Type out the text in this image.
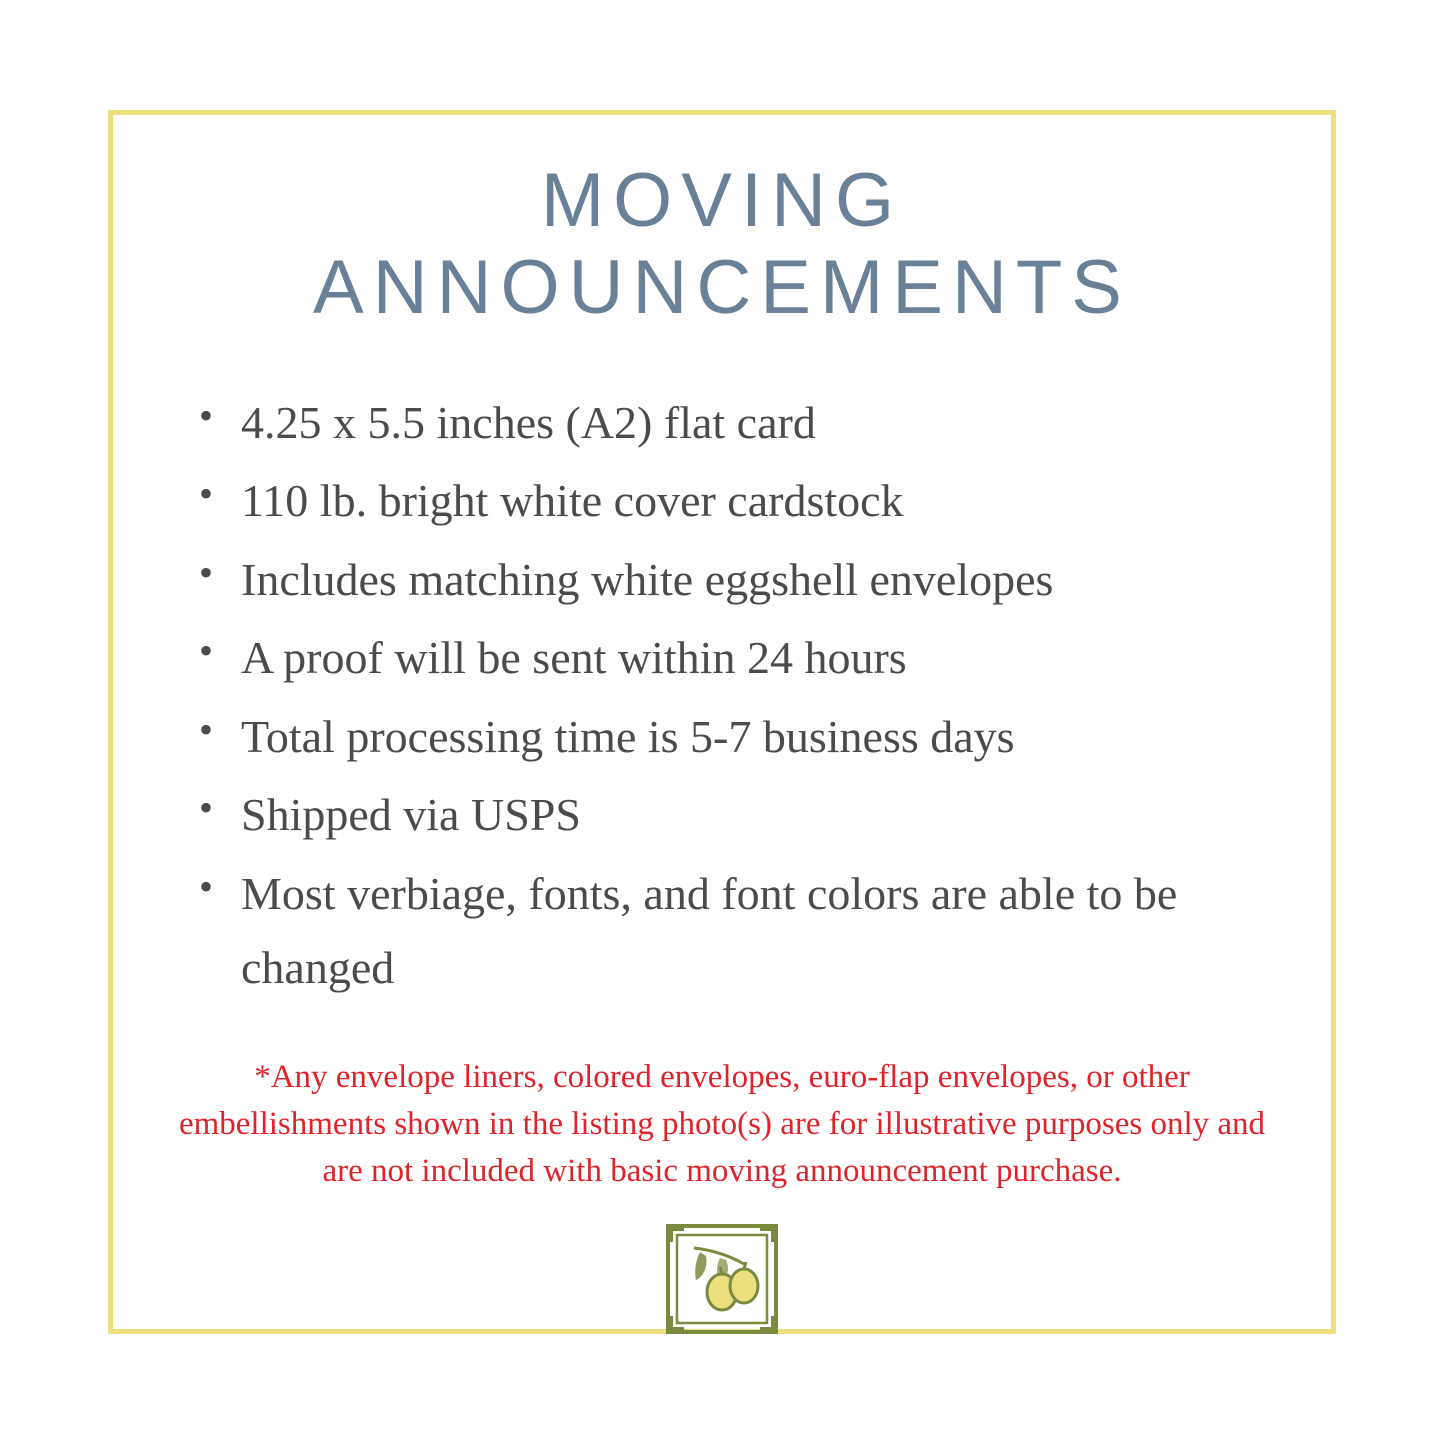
MOVING
ANNOUNCEMENTS
• 4.25 x 5.5 inches (A2) flat card
• 110 lb. bright white cover cardstock
• Includes matching white eggshell envelopes
• A proof will be sent within 24 hours
• Total processing time is 5-7 business days
• Shipped via USPS
• Most verbiage, fonts, and font colors are able to be changed
*Any envelope liners, colored envelopes, euro-flap envelopes, or other embellishments shown in the listing photo(s) are for illustrative purposes only and are not included with basic moving announcement purchase.
